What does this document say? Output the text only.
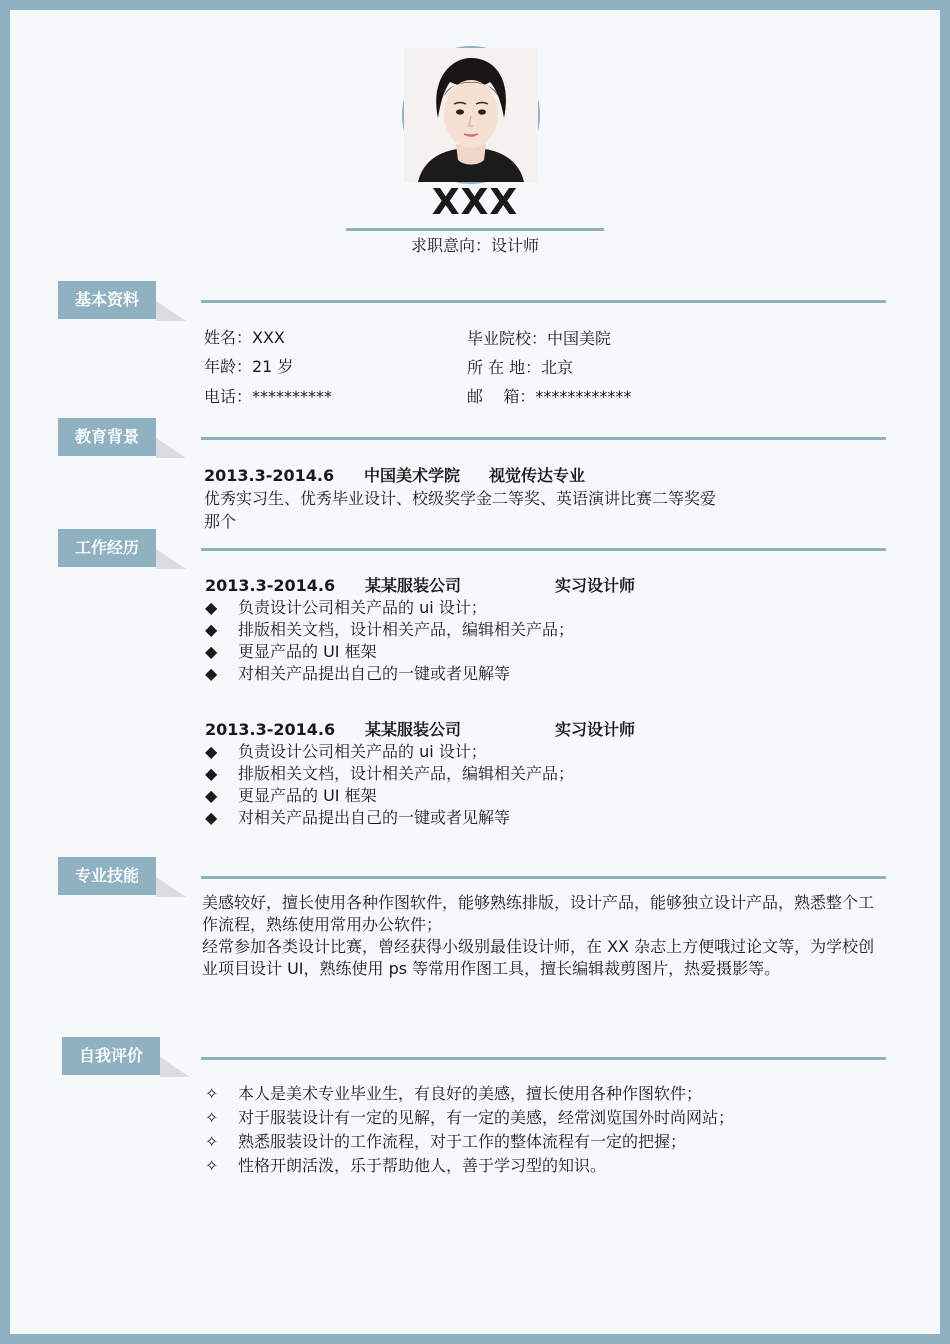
XXX
求职意向：设计师
基本资料
姓名：XXX	毕业院校：中国美院
年龄：21 岁	所 在 地：北京
电话：**********	邮    箱：************
教育背景
2013.3-2014.6 中国美术学院 视觉传达专业
优秀实习生、优秀毕业设计、校级奖学金二等奖、英语演讲比赛二等奖爱
那个
工作经历
2013.3-2014.6 某某服装公司	实习设计师
◆ 负责设计公司相关产品的 ui 设计；
◆ 排版相关文档，设计相关产品，编辑相关产品；
◆ 更显产品的 UI 框架
◆ 对相关产品提出自己的一键或者见解等
2013.3-2014.6 某某服装公司	实习设计师
◆ 负责设计公司相关产品的 ui 设计；
◆ 排版相关文档，设计相关产品，编辑相关产品；
◆ 更显产品的 UI 框架
◆ 对相关产品提出自己的一键或者见解等
专业技能
美感较好，擅长使用各种作图软件，能够熟练排版，设计产品，能够独立设计产品，熟悉整个工作流程，熟练使用常用办公软件；
经常参加各类设计比赛，曾经获得小级别最佳设计师，在 XX 杂志上方便哦过论文等，为学校创业项目设计 UI，熟练使用 ps 等常用作图工具，擅长编辑裁剪图片，热爱摄影等。
自我评价
✧ 本人是美术专业毕业生，有良好的美感，擅长使用各种作图软件；
✧ 对于服装设计有一定的见解，有一定的美感，经常浏览国外时尚网站；
✧ 熟悉服装设计的工作流程，对于工作的整体流程有一定的把握；
✧ 性格开朗活泼，乐于帮助他人，善于学习型的知识。
